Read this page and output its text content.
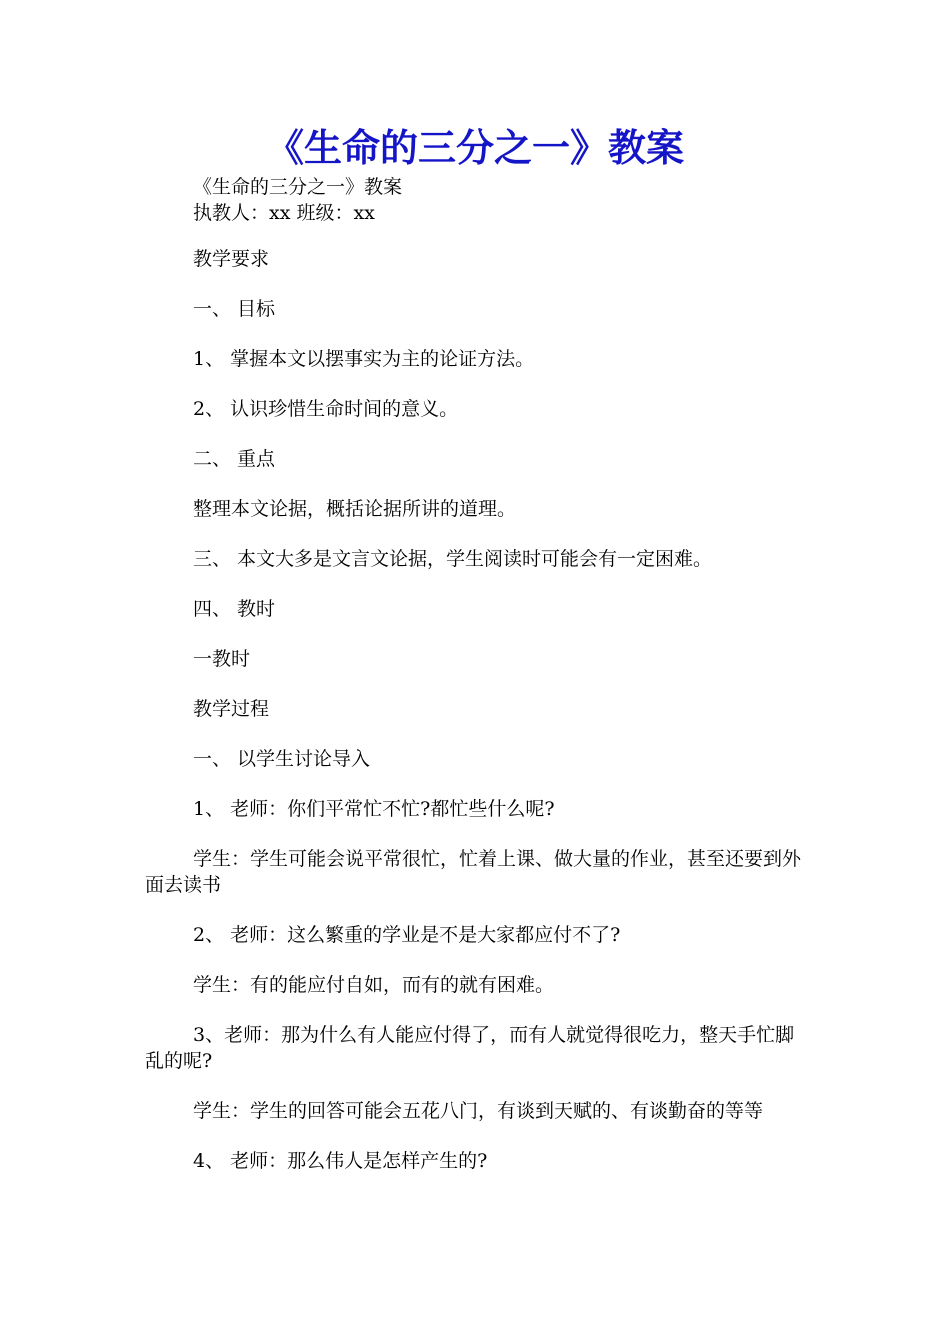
《生命的三分之一》教案
《生命的三分之一》教案
执教人：xx 班级：xx

教学要求

一、 目标

1、 掌握本文以摆事实为主的论证方法。

2、 认识珍惜生命时间的意义。

二、 重点

整理本文论据，概括论据所讲的道理。

三、 本文大多是文言文论据，学生阅读时可能会有一定困难。

四、 教时

一教时

教学过程

一、 以学生讨论导入

1、 老师：你们平常忙不忙?都忙些什么呢?

学生：学生可能会说平常很忙，忙着上课、做大量的作业，甚至还要到外面去读书

2、 老师：这么繁重的学业是不是大家都应付不了?

学生：有的能应付自如，而有的就有困难。

3、老师：那为什么有人能应付得了，而有人就觉得很吃力，整天手忙脚乱的呢?

学生：学生的回答可能会五花八门，有谈到天赋的、有谈勤奋的等等

4、 老师：那么伟人是怎样产生的?
